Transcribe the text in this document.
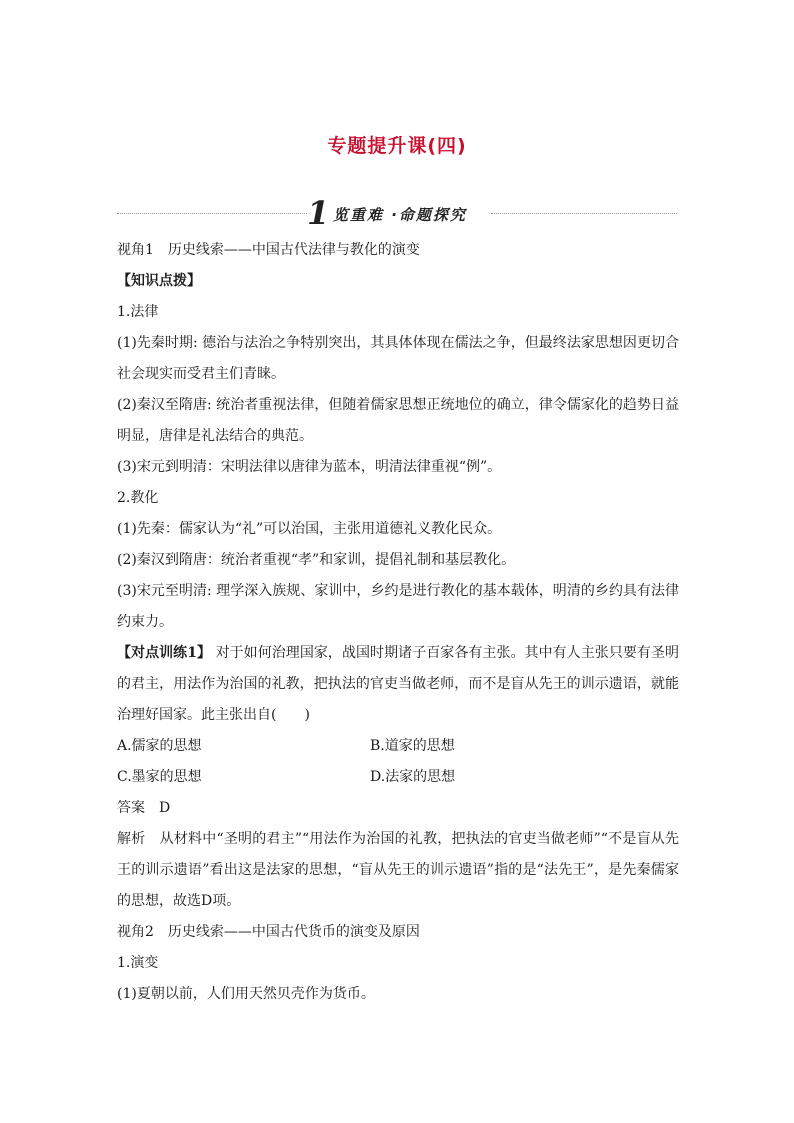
专题提升课(四)
1 览重难 ·命题探究

视角1　历史线索——中国古代法律与教化的演变

【知识点拨】

1.法律

(1)先秦时期: 德治与法治之争特别突出，其具体体现在儒法之争，但最终法家思想因更切合社会现实而受君主们青睐。

(2)秦汉至隋唐: 统治者重视法律，但随着儒家思想正统地位的确立，律令儒家化的趋势日益明显，唐律是礼法结合的典范。

(3)宋元到明清：宋明法律以唐律为蓝本，明清法律重视“例”。

2.教化

(1)先秦：儒家认为“礼”可以治国，主张用道德礼义教化民众。

(2)秦汉到隋唐：统治者重视“孝”和家训，提倡礼制和基层教化。

(3)宋元至明清: 理学深入族规、家训中，乡约是进行教化的基本载体，明清的乡约具有法律约束力。

【对点训练1】 对于如何治理国家，战国时期诸子百家各有主张。其中有人主张只要有圣明的君主，用法作为治国的礼教，把执法的官吏当做老师，而不是盲从先王的训示遗语，就能治理好国家。此主张出自(　　)

A.儒家的思想	B.道家的思想
C.墨家的思想	D.法家的思想

答案　D

解析　从材料中“圣明的君主”“用法作为治国的礼教，把执法的官吏当做老师”“不是盲从先王的训示遗语”看出这是法家的思想，“盲从先王的训示遗语”指的是“法先王”，是先秦儒家的思想，故选D项。

视角2　历史线索——中国古代货币的演变及原因

1.演变

(1)夏朝以前，人们用天然贝壳作为货币。
